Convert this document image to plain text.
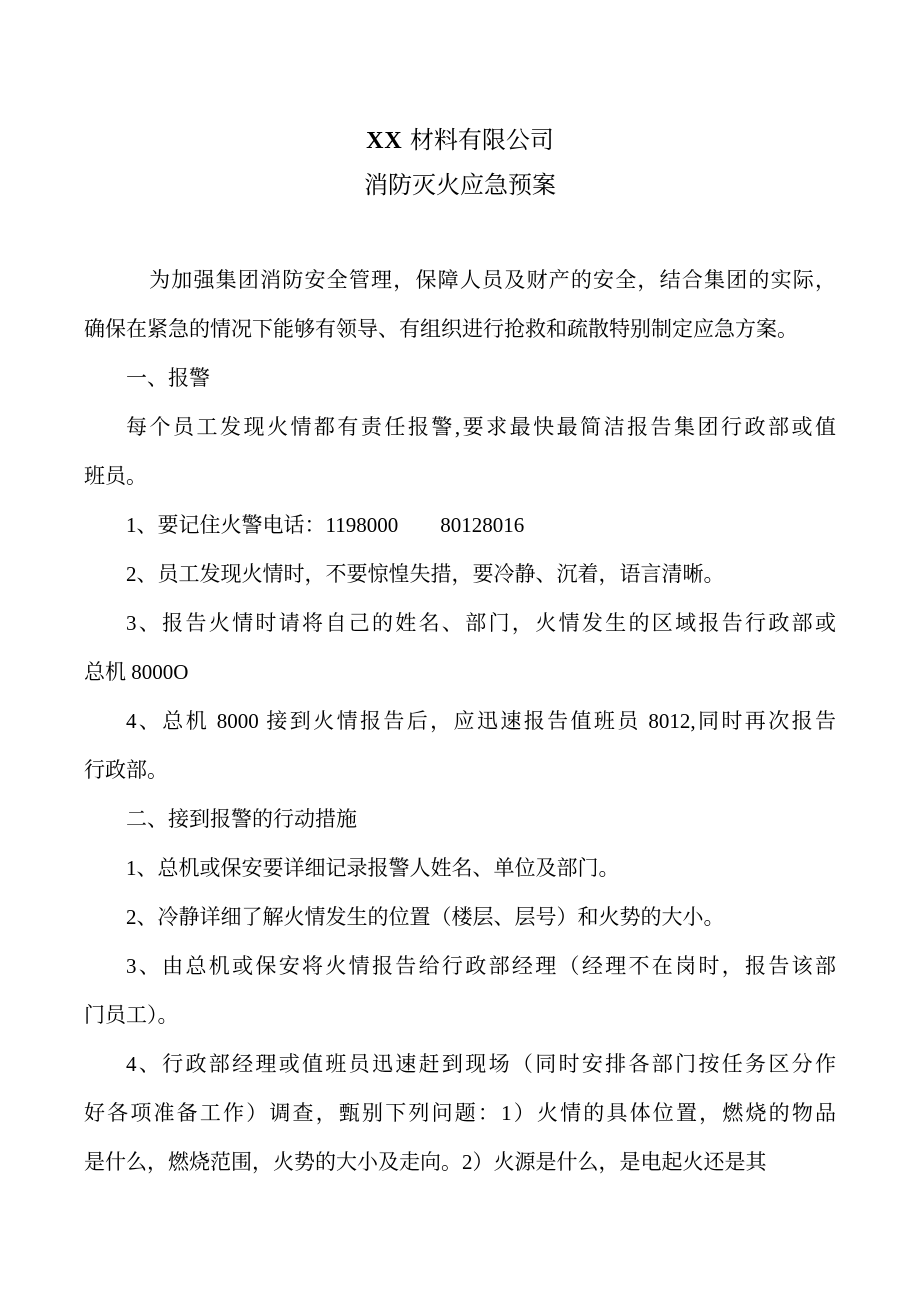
XX 材料有限公司
消防灭火应急预案

为加强集团消防安全管理，保障人员及财产的安全，结合集团的实际，
确保在紧急的情况下能够有领导、有组织进行抢救和疏散特别制定应急方案。

一、报警

每个员工发现火情都有责任报警,要求最快最简洁报告集团行政部或值
班员。

1、要记住火警电话：1198000　　80128016

2、员工发现火情时，不要惊惶失措，要冷静、沉着，语言清晰。

3、报告火情时请将自己的姓名、部门，火情发生的区域报告行政部或
总机 8000O

4、总机 8000 接到火情报告后，应迅速报告值班员 8012,同时再次报告
行政部。

二、接到报警的行动措施

1、总机或保安要详细记录报警人姓名、单位及部门。

2、冷静详细了解火情发生的位置（楼层、层号）和火势的大小。

3、由总机或保安将火情报告给行政部经理（经理不在岗时，报告该部
门员工）。

4、行政部经理或值班员迅速赶到现场（同时安排各部门按任务区分作
好各项准备工作）调查，甄别下列问题：1）火情的具体位置，燃烧的物品
是什么，燃烧范围，火势的大小及走向。2）火源是什么，是电起火还是其
